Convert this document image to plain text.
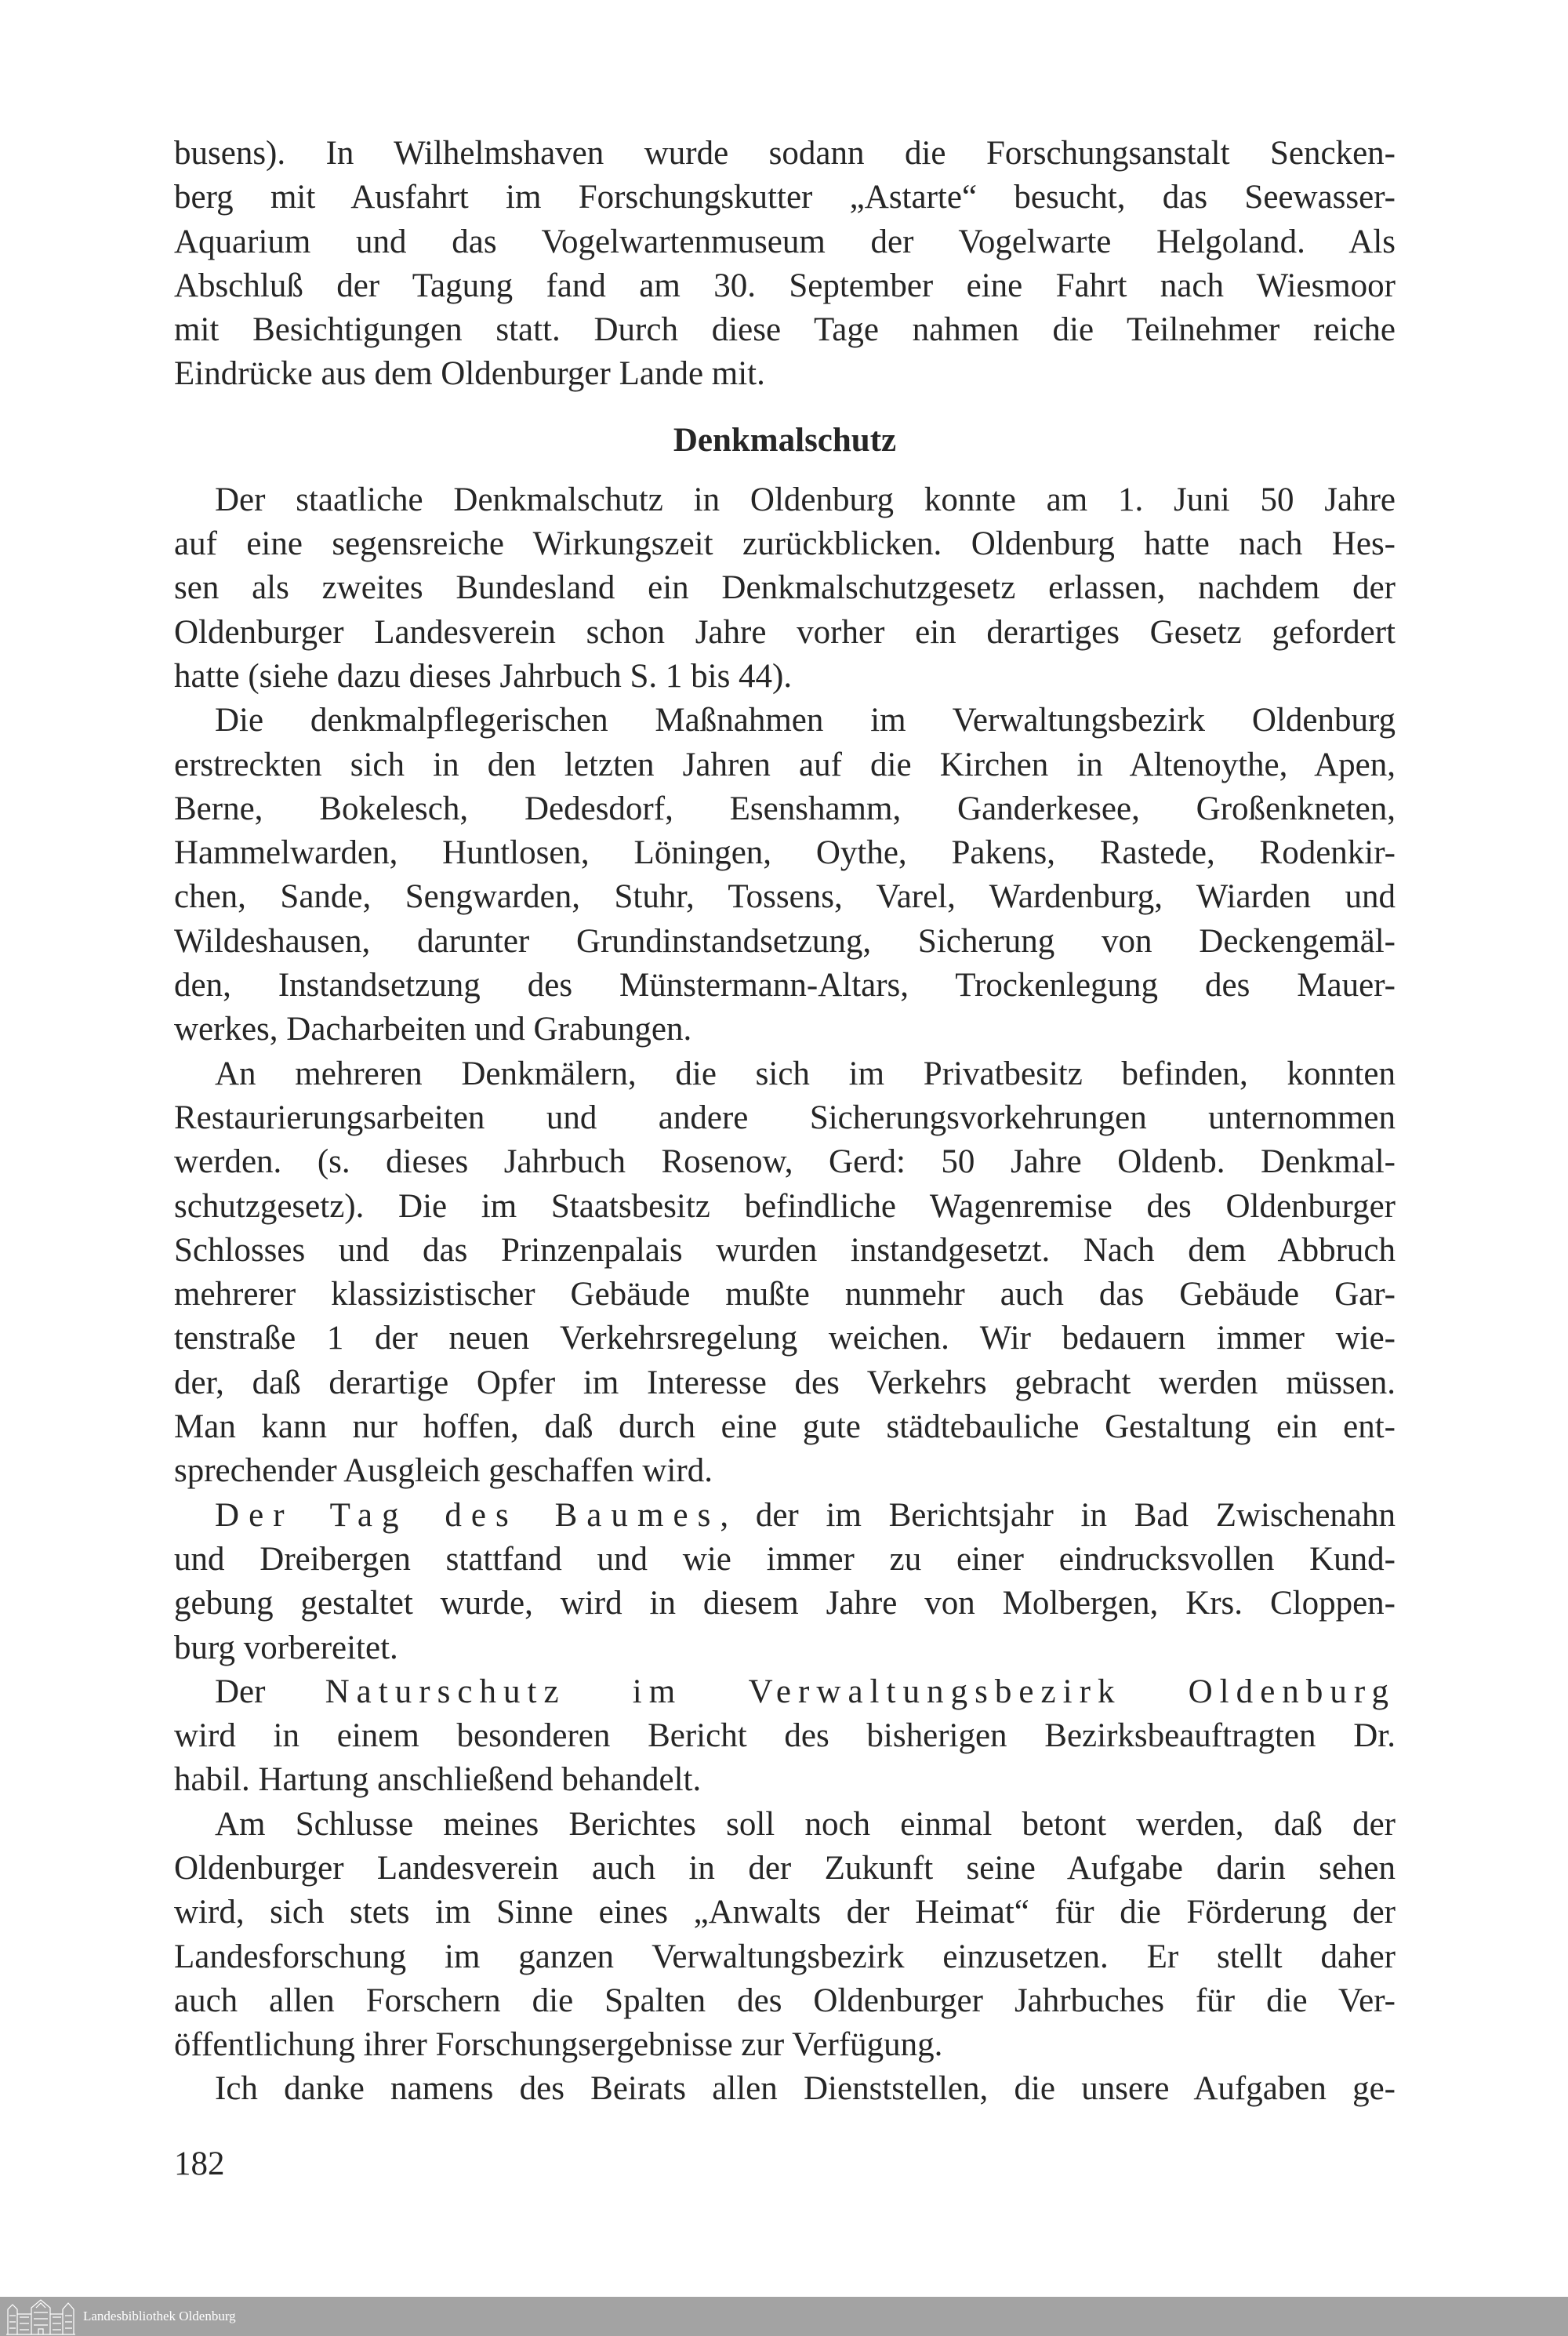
busens). In Wilhelmshaven wurde sodann die Forschungsanstalt Sencken-
berg mit Ausfahrt im Forschungskutter „Astarte“ besucht, das Seewasser-
Aquarium und das Vogelwartenmuseum der Vogelwarte Helgoland. Als
Abschluß der Tagung fand am 30. September eine Fahrt nach Wiesmoor
mit Besichtigungen statt. Durch diese Tage nahmen die Teilnehmer reiche
Eindrücke aus dem Oldenburger Lande mit.
Denkmalschutz
Der staatliche Denkmalschutz in Oldenburg konnte am 1. Juni 50 Jahre
auf eine segensreiche Wirkungszeit zurückblicken. Oldenburg hatte nach Hes-
sen als zweites Bundesland ein Denkmalschutzgesetz erlassen, nachdem der
Oldenburger Landesverein schon Jahre vorher ein derartiges Gesetz gefordert
hatte (siehe dazu dieses Jahrbuch S. 1 bis 44).
Die denkmalpflegerischen Maßnahmen im Verwaltungsbezirk Oldenburg
erstreckten sich in den letzten Jahren auf die Kirchen in Altenoythe, Apen,
Berne, Bokelesch, Dedesdorf, Esenshamm, Ganderkesee, Großenkneten,
Hammelwarden, Huntlosen, Löningen, Oythe, Pakens, Rastede, Rodenkir-
chen, Sande, Sengwarden, Stuhr, Tossens, Varel, Wardenburg, Wiarden und
Wildeshausen, darunter Grundinstandsetzung, Sicherung von Deckengemäl-
den, Instandsetzung des Münstermann-Altars, Trockenlegung des Mauer-
werkes, Dacharbeiten und Grabungen.
An mehreren Denkmälern, die sich im Privatbesitz befinden, konnten
Restaurierungsarbeiten und andere Sicherungsvorkehrungen unternommen
werden. (s. dieses Jahrbuch Rosenow, Gerd: 50 Jahre Oldenb. Denkmal-
schutzgesetz). Die im Staatsbesitz befindliche Wagenremise des Oldenburger
Schlosses und das Prinzenpalais wurden instandgesetzt. Nach dem Abbruch
mehrerer klassizistischer Gebäude mußte nunmehr auch das Gebäude Gar-
tenstraße 1 der neuen Verkehrsregelung weichen. Wir bedauern immer wie-
der, daß derartige Opfer im Interesse des Verkehrs gebracht werden müssen.
Man kann nur hoffen, daß durch eine gute städtebauliche Gestaltung ein ent-
sprechender Ausgleich geschaffen wird.
Der Tag des Baumes, der im Berichtsjahr in Bad Zwischenahn
und Dreibergen stattfand und wie immer zu einer eindrucksvollen Kund-
gebung gestaltet wurde, wird in diesem Jahre von Molbergen, Krs. Cloppen-
burg vorbereitet.
Der Naturschutz im Verwaltungsbezirk Oldenburg
wird in einem besonderen Bericht des bisherigen Bezirksbeauftragten Dr.
habil. Hartung anschließend behandelt.
Am Schlusse meines Berichtes soll noch einmal betont werden, daß der
Oldenburger Landesverein auch in der Zukunft seine Aufgabe darin sehen
wird, sich stets im Sinne eines „Anwalts der Heimat“ für die Förderung der
Landesforschung im ganzen Verwaltungsbezirk einzusetzen. Er stellt daher
auch allen Forschern die Spalten des Oldenburger Jahrbuches für die Ver-
öffentlichung ihrer Forschungsergebnisse zur Verfügung.
Ich danke namens des Beirats allen Dienststellen, die unsere Aufgaben ge-
182
Landesbibliothek Oldenburg
